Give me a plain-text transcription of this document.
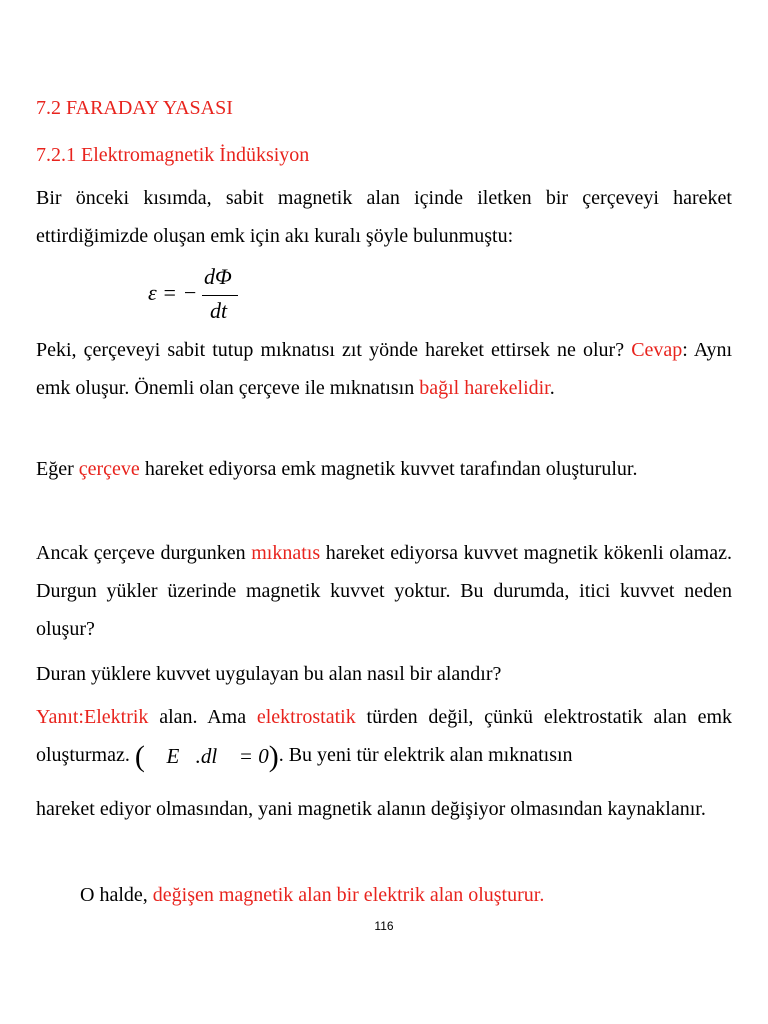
7.2 FARADAY YASASI
7.2.1 Elektromagnetik İndüksiyon
Bir önceki kısımda, sabit magnetik alan içinde iletken bir çerçeveyi hareket ettirdiğimizde oluşan emk için akı kuralı şöyle bulunmuştu:
ε = −
dΦ
dt
Peki, çerçeveyi sabit tutup mıknatısı zıt yönde hareket ettirsek ne olur? Cevap: Aynı emk oluşur. Önemli olan çerçeve ile mıknatısın bağıl harekelidir.
Eğer çerçeve hareket ediyorsa emk magnetik kuvvet tarafından oluşturulur.
Ancak çerçeve durgunken mıknatıs hareket ediyorsa kuvvet magnetik kökenli olamaz. Durgun yükler üzerinde magnetik kuvvet yoktur. Bu durumda, itici kuvvet neden oluşur?
Duran yüklere kuvvet uygulayan bu alan nasıl bir alandır?
Yanıt:Elektrik alan. Ama elektrostatik türden değil, çünkü elektrostatik alan emk oluşturmaz. (∮ E⃗.dl⃗ = 0). Bu yeni tür elektrik alan mıknatısın
hareket ediyor olmasından, yani magnetik alanın değişiyor olmasından kaynaklanır.
O halde, değişen magnetik alan bir elektrik alan oluşturur.
116
